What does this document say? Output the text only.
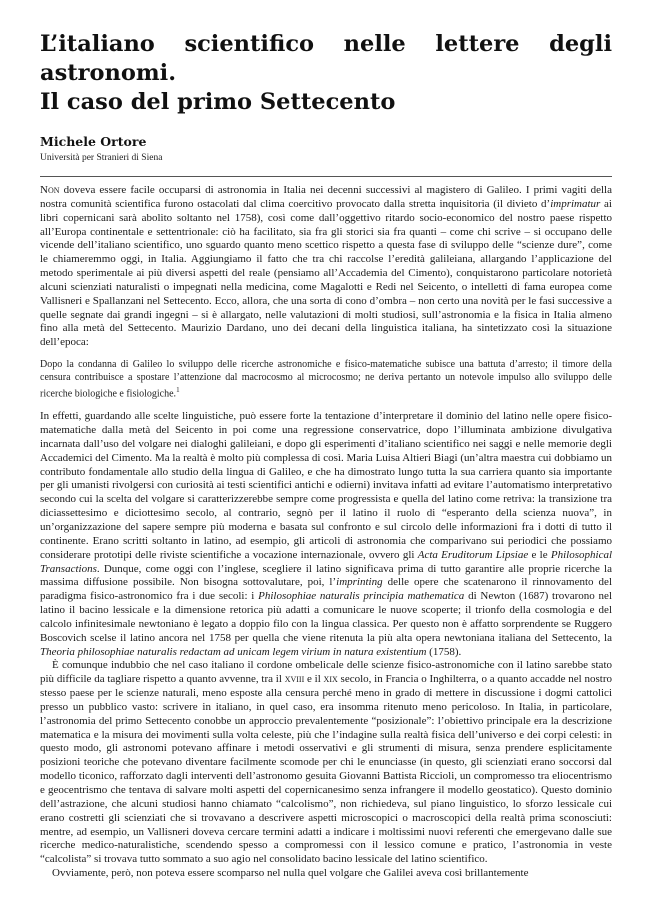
L’italiano scientifico nelle lettere degli astronomi.
Il caso del primo Settecento
Michele Ortore
Università per Stranieri di Siena

Non doveva essere facile occuparsi di astronomia in Italia nei decenni successivi al magistero di Galileo. I primi vagiti della nostra comunità scientifica furono ostacolati dal clima coercitivo provocato dalla stretta inquisitoria (il divieto d’imprimatur ai libri copernicani sarà abolito soltanto nel 1758), così come dall’oggettivo ritardo socio-economico del nostro paese rispetto all’Europa continentale e settentrionale: ciò ha facilitato, sia fra gli storici sia fra quanti – come chi scrive – si occupano delle vicende dell’italiano scientifico, uno sguardo quanto meno scettico rispetto a questa fase di sviluppo delle “scienze dure”, come le chiameremmo oggi, in Italia. Aggiungiamo il fatto che tra chi raccolse l’eredità galileiana, allargando l’applicazione del metodo sperimentale ai più diversi aspetti del reale (pensiamo all’Accademia del Cimento), conquistarono particolare notorietà alcuni scienziati naturalisti o impegnati nella medicina, come Magalotti e Redi nel Seicento, o intelletti di fama europea come Vallisneri e Spallanzani nel Settecento. Ecco, allora, che una sorta di cono d’ombra – non certo una novità per le fasi successive a quelle segnate dai grandi ingegni – si è allargato, nelle valutazioni di molti studiosi, sull’astronomia e la fisica in Italia almeno fino alla metà del Settecento. Maurizio Dardano, uno dei decani della linguistica italiana, ha sintetizzato così la situazione dell’epoca:

Dopo la condanna di Galileo lo sviluppo delle ricerche astronomiche e fisico-matematiche subisce una battuta d’arresto; il timore della censura contribuisce a spostare l’attenzione dal macrocosmo al microcosmo; ne deriva pertanto un notevole impulso allo sviluppo delle ricerche biologiche e fisiologiche.$^1$

In effetti, guardando alle scelte linguistiche, può essere forte la tentazione d’interpretare il dominio del latino nelle opere fisico-matematiche dalla metà del Seicento in poi come una regressione conservatrice, dopo l’illuminata ambizione divulgativa incarnata dall’uso del volgare nei dialoghi galileiani, e dopo gli esperimenti d’italiano scientifico nei saggi e nelle memorie degli Accademici del Cimento. Ma la realtà è molto più complessa di così. Maria Luisa Altieri Biagi (un’altra maestra cui dobbiamo un contributo fondamentale allo studio della lingua di Galileo, e che ha dimostrato lungo tutta la sua carriera quanto sia importante per gli umanisti rivolgersi con curiosità ai testi scientifici antichi e odierni) invitava infatti ad evitare l’automatismo interpretativo secondo cui la scelta del volgare si caratterizzerebbe sempre come progressista e quella del latino come retriva: la transizione tra diciassettesimo e diciottesimo secolo, al contrario, segnò per il latino il ruolo di “esperanto della scienza nuova”, in un’organizzazione del sapere sempre più moderna e basata sul confronto e sul circolo delle informazioni fra i dotti di tutto il continente. Erano scritti soltanto in latino, ad esempio, gli articoli di astronomia che comparivano sui periodici che possiamo considerare prototipi delle riviste scientifiche a vocazione internazionale, ovvero gli Acta Eruditorum Lipsiae e le Philosophical Transactions. Dunque, come oggi con l’inglese, scegliere il latino significava prima di tutto garantire alle proprie ricerche la massima diffusione possibile. Non bisogna sottovalutare, poi, l’imprinting delle opere che scatenarono il rinnovamento del paradigma fisico-astronomico fra i due secoli: i Philosophiae naturalis principia mathematica di Newton (1687) trovarono nel latino il bacino lessicale e la dimensione retorica più adatti a comunicare le nuove scoperte; il trionfo della cosmologia e del calcolo infinitesimale newtoniano è legato a doppio filo con la lingua classica. Per questo non è affatto sorprendente se Ruggero Boscovich scelse il latino ancora nel 1758 per quella che viene ritenuta la più alta opera newtoniana italiana del Settecento, la Theoria philosophiae naturalis redactam ad unicam legem virium in natura existentium (1758).

È comunque indubbio che nel caso italiano il cordone ombelicale delle scienze fisico-astronomiche con il latino sarebbe stato più difficile da tagliare rispetto a quanto avvenne, tra il xviii e il xix secolo, in Francia o Inghilterra, o a quanto accadde nel nostro stesso paese per le scienze naturali, meno esposte alla censura perché meno in grado di mettere in discussione i dogmi cattolici presso un pubblico vasto: scrivere in italiano, in quel caso, era insomma ritenuto meno pericoloso. In Italia, in particolare, l’astronomia del primo Settecento conobbe un approccio prevalentemente “posizionale”: l’obiettivo principale era la descrizione matematica e la misura dei movimenti sulla volta celeste, più che l’indagine sulla realtà fisica dell’universo e dei corpi celesti: in questo modo, gli astronomi potevano affinare i metodi osservativi e gli strumenti di misura, senza prendere esplicitamente posizioni teoriche che potevano diventare facilmente scomode per chi le enunciasse (in questo, gli scienziati erano soccorsi dal modello ticonico, rafforzato dagli interventi dell’astronomo gesuita Giovanni Battista Riccioli, un compromesso tra eliocentrismo e geocentrismo che tentava di salvare molti aspetti del copernicanesimo senza infrangere il modello geostatico). Questo dominio dell’astrazione, che alcuni studiosi hanno chiamato “calcolismo”, non richiedeva, sul piano linguistico, lo sforzo lessicale cui erano costretti gli scienziati che si trovavano a descrivere aspetti microscopici o macroscopici della realtà prima sconosciuti: mentre, ad esempio, un Vallisneri doveva cercare termini adatti a indicare i moltissimi nuovi referenti che emergevano dalle sue ricerche medico-naturalistiche, scendendo spesso a compromessi con il lessico comune e pratico, l’astronomia in veste “calcolista” si trovava tutto sommato a suo agio nel consolidato bacino lessicale del latino scientifico.

Ovviamente, però, non poteva essere scomparso nel nulla quel volgare che Galilei aveva così brillantemente
